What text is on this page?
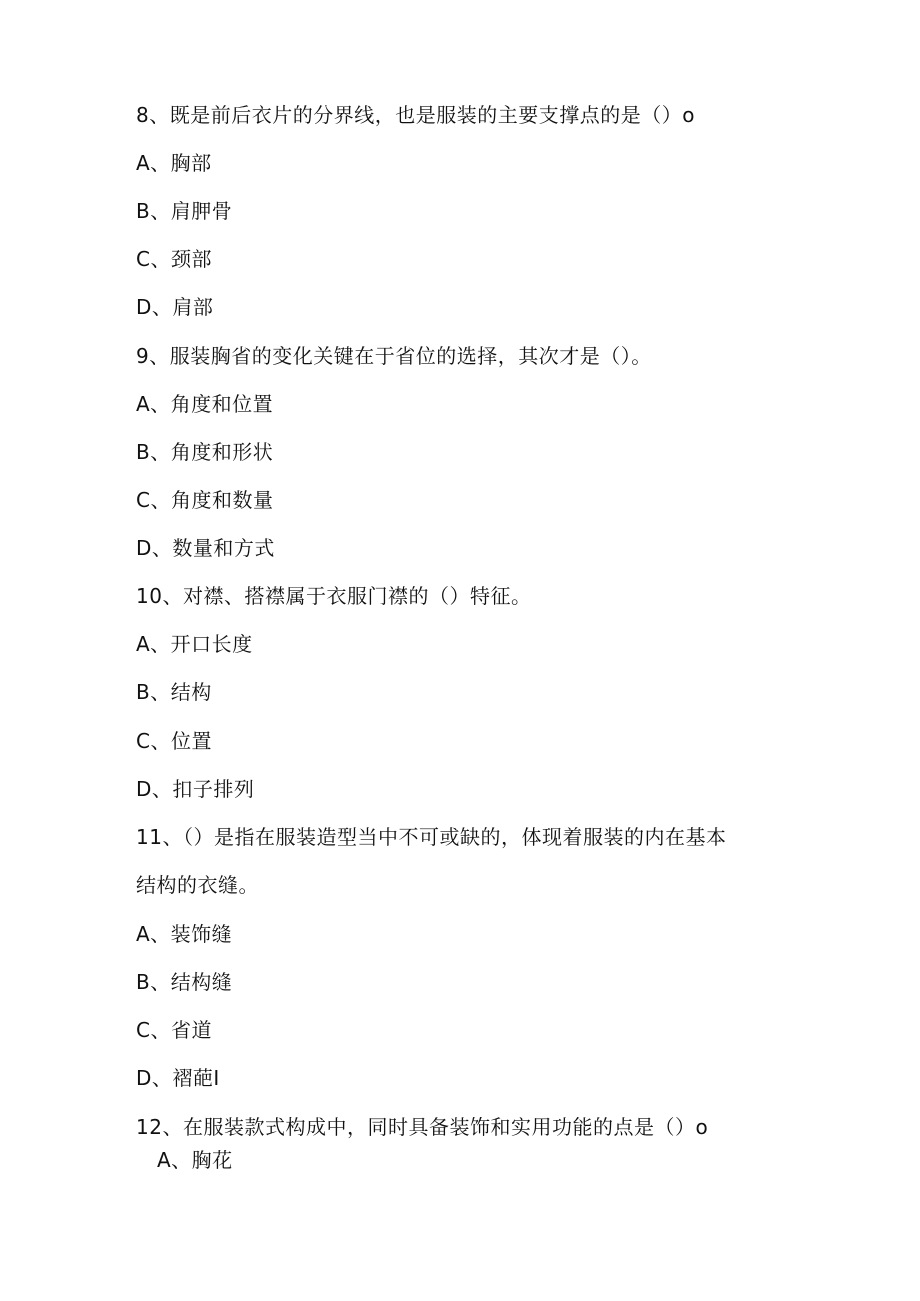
8、既是前后衣片的分界线，也是服装的主要支撑点的是（）o
A、胸部
B、肩胛骨
C、颈部
D、肩部
9、服装胸省的变化关键在于省位的选择，其次才是（）。
A、角度和位置
B、角度和形状
C、角度和数量
D、数量和方式
10、对襟、搭襟属于衣服门襟的（）特征。
A、开口长度
B、结构
C、位置
D、扣子排列
11、（）是指在服装造型当中不可或缺的，体现着服装的内在基本
结构的衣缝。
A、装饰缝
B、结构缝
C、省道
D、褶葩I
12、在服装款式构成中，同时具备装饰和实用功能的点是（）o
A、胸花
